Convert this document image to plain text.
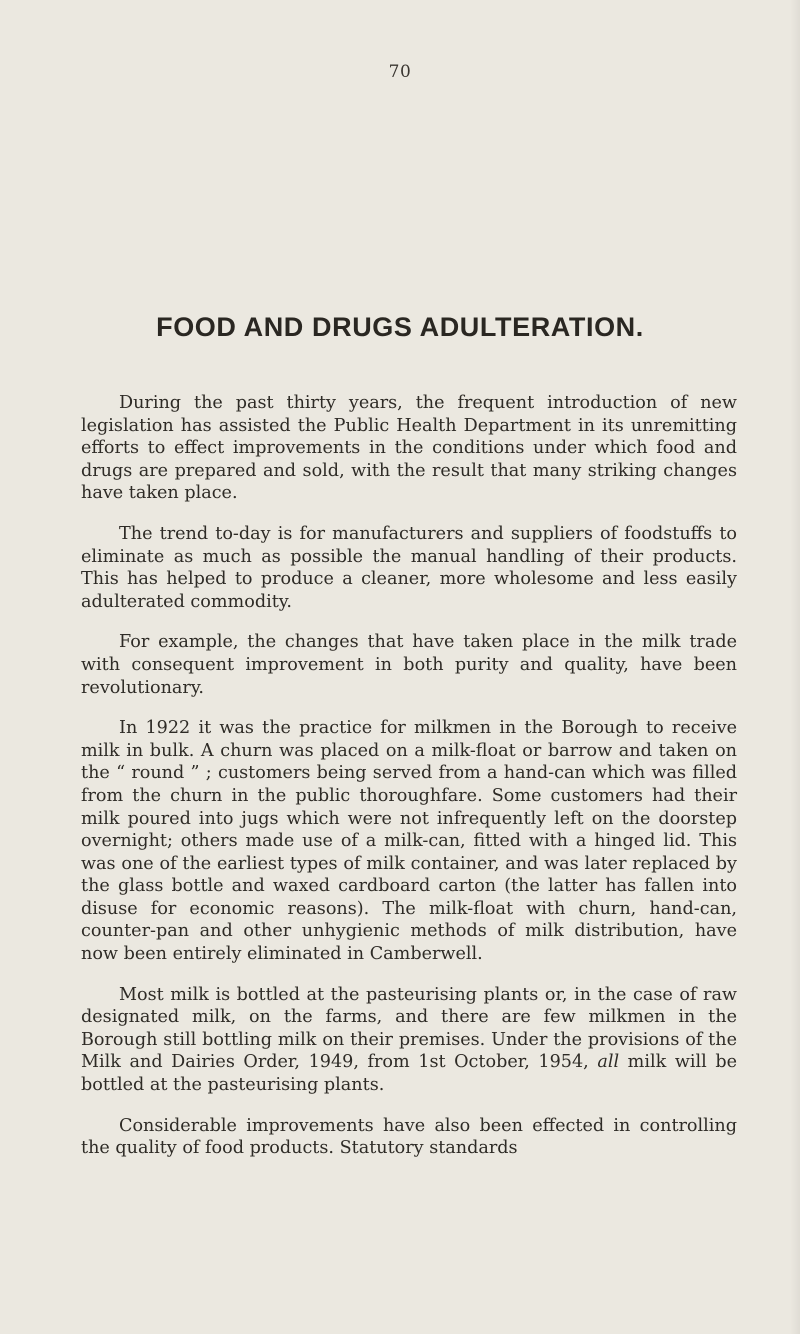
70
FOOD AND DRUGS ADULTERATION.

During the past thirty years, the frequent introduction of new legislation has assisted the Public Health Department in its unremitting efforts to effect improvements in the conditions under which food and drugs are prepared and sold, with the result that many striking changes have taken place.

The trend to-day is for manufacturers and suppliers of foodstuffs to eliminate as much as possible the manual handling of their products. This has helped to produce a cleaner, more wholesome and less easily adulterated commodity.

For example, the changes that have taken place in the milk trade with consequent improvement in both purity and quality, have been revolutionary.

In 1922 it was the practice for milkmen in the Borough to receive milk in bulk. A churn was placed on a milk-float or barrow and taken on the “ round ” ; customers being served from a hand-can which was filled from the churn in the public thoroughfare. Some customers had their milk poured into jugs which were not infrequently left on the doorstep overnight; others made use of a milk-can, fitted with a hinged lid. This was one of the earliest types of milk container, and was later replaced by the glass bottle and waxed cardboard carton (the latter has fallen into disuse for economic reasons). The milk-float with churn, hand-can, counter-pan and other unhygienic methods of milk distribution, have now been entirely eliminated in Camberwell.

Most milk is bottled at the pasteurising plants or, in the case of raw designated milk, on the farms, and there are few milkmen in the Borough still bottling milk on their premises. Under the provisions of the Milk and Dairies Order, 1949, from 1st October, 1954, all milk will be bottled at the pasteurising plants.

Considerable improvements have also been effected in controlling the quality of food products. Statutory standards
